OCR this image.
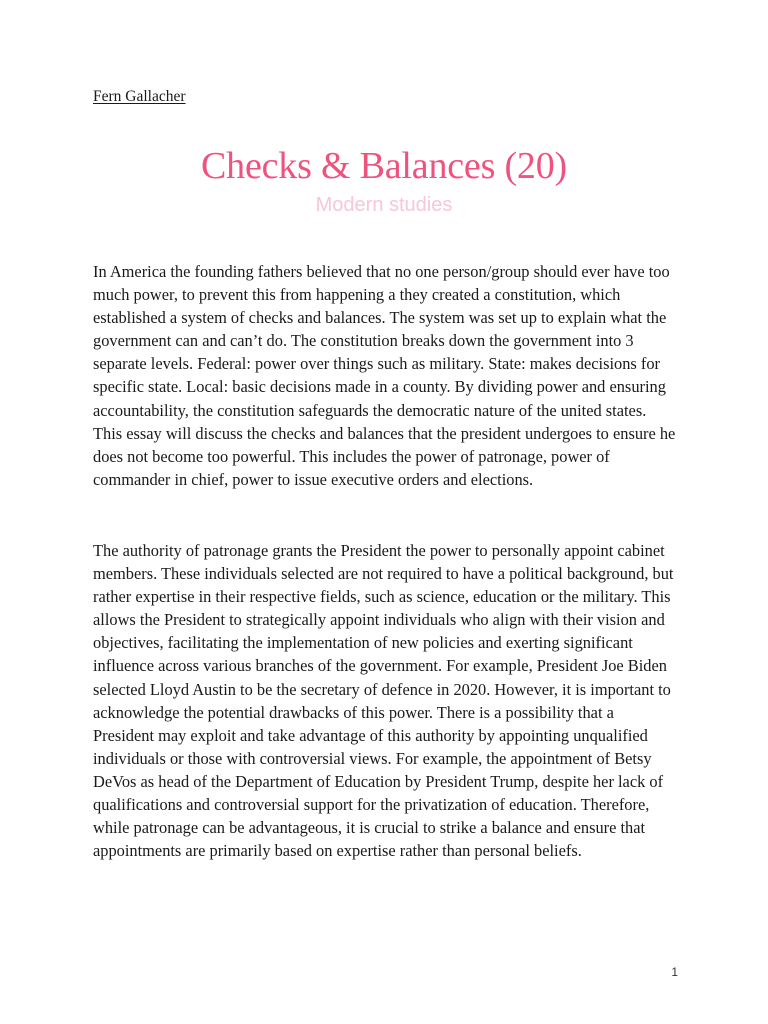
Fern Gallacher

Checks & Balances (20)
Modern studies

In America the founding fathers believed that no one person/group should ever have too much power, to prevent this from happening a they created a constitution, which established a system of checks and balances. The system was set up to explain what the government can and can’t do. The constitution breaks down the government into 3 separate levels. Federal: power over things such as military. State: makes decisions for specific state. Local: basic decisions made in a county. By dividing power and ensuring accountability, the constitution safeguards the democratic nature of the united states. This essay will discuss the checks and balances that the president undergoes to ensure he does not become too powerful. This includes the power of patronage, power of commander in chief, power to issue executive orders and elections.

The authority of patronage grants the President the power to personally appoint cabinet members. These individuals selected are not required to have a political background, but rather expertise in their respective fields, such as science, education or the military. This allows the President to strategically appoint individuals who align with their vision and objectives, facilitating the implementation of new policies and exerting significant influence across various branches of the government. For example, President Joe Biden selected Lloyd Austin to be the secretary of defence in 2020. However, it is important to acknowledge the potential drawbacks of this power. There is a possibility that a President may exploit and take advantage of this authority by appointing unqualified individuals or those with controversial views. For example, the appointment of Betsy DeVos as head of the Department of Education by President Trump, despite her lack of qualifications and controversial support for the privatization of education. Therefore, while patronage can be advantageous, it is crucial to strike a balance and ensure that appointments are primarily based on expertise rather than personal beliefs.

1
